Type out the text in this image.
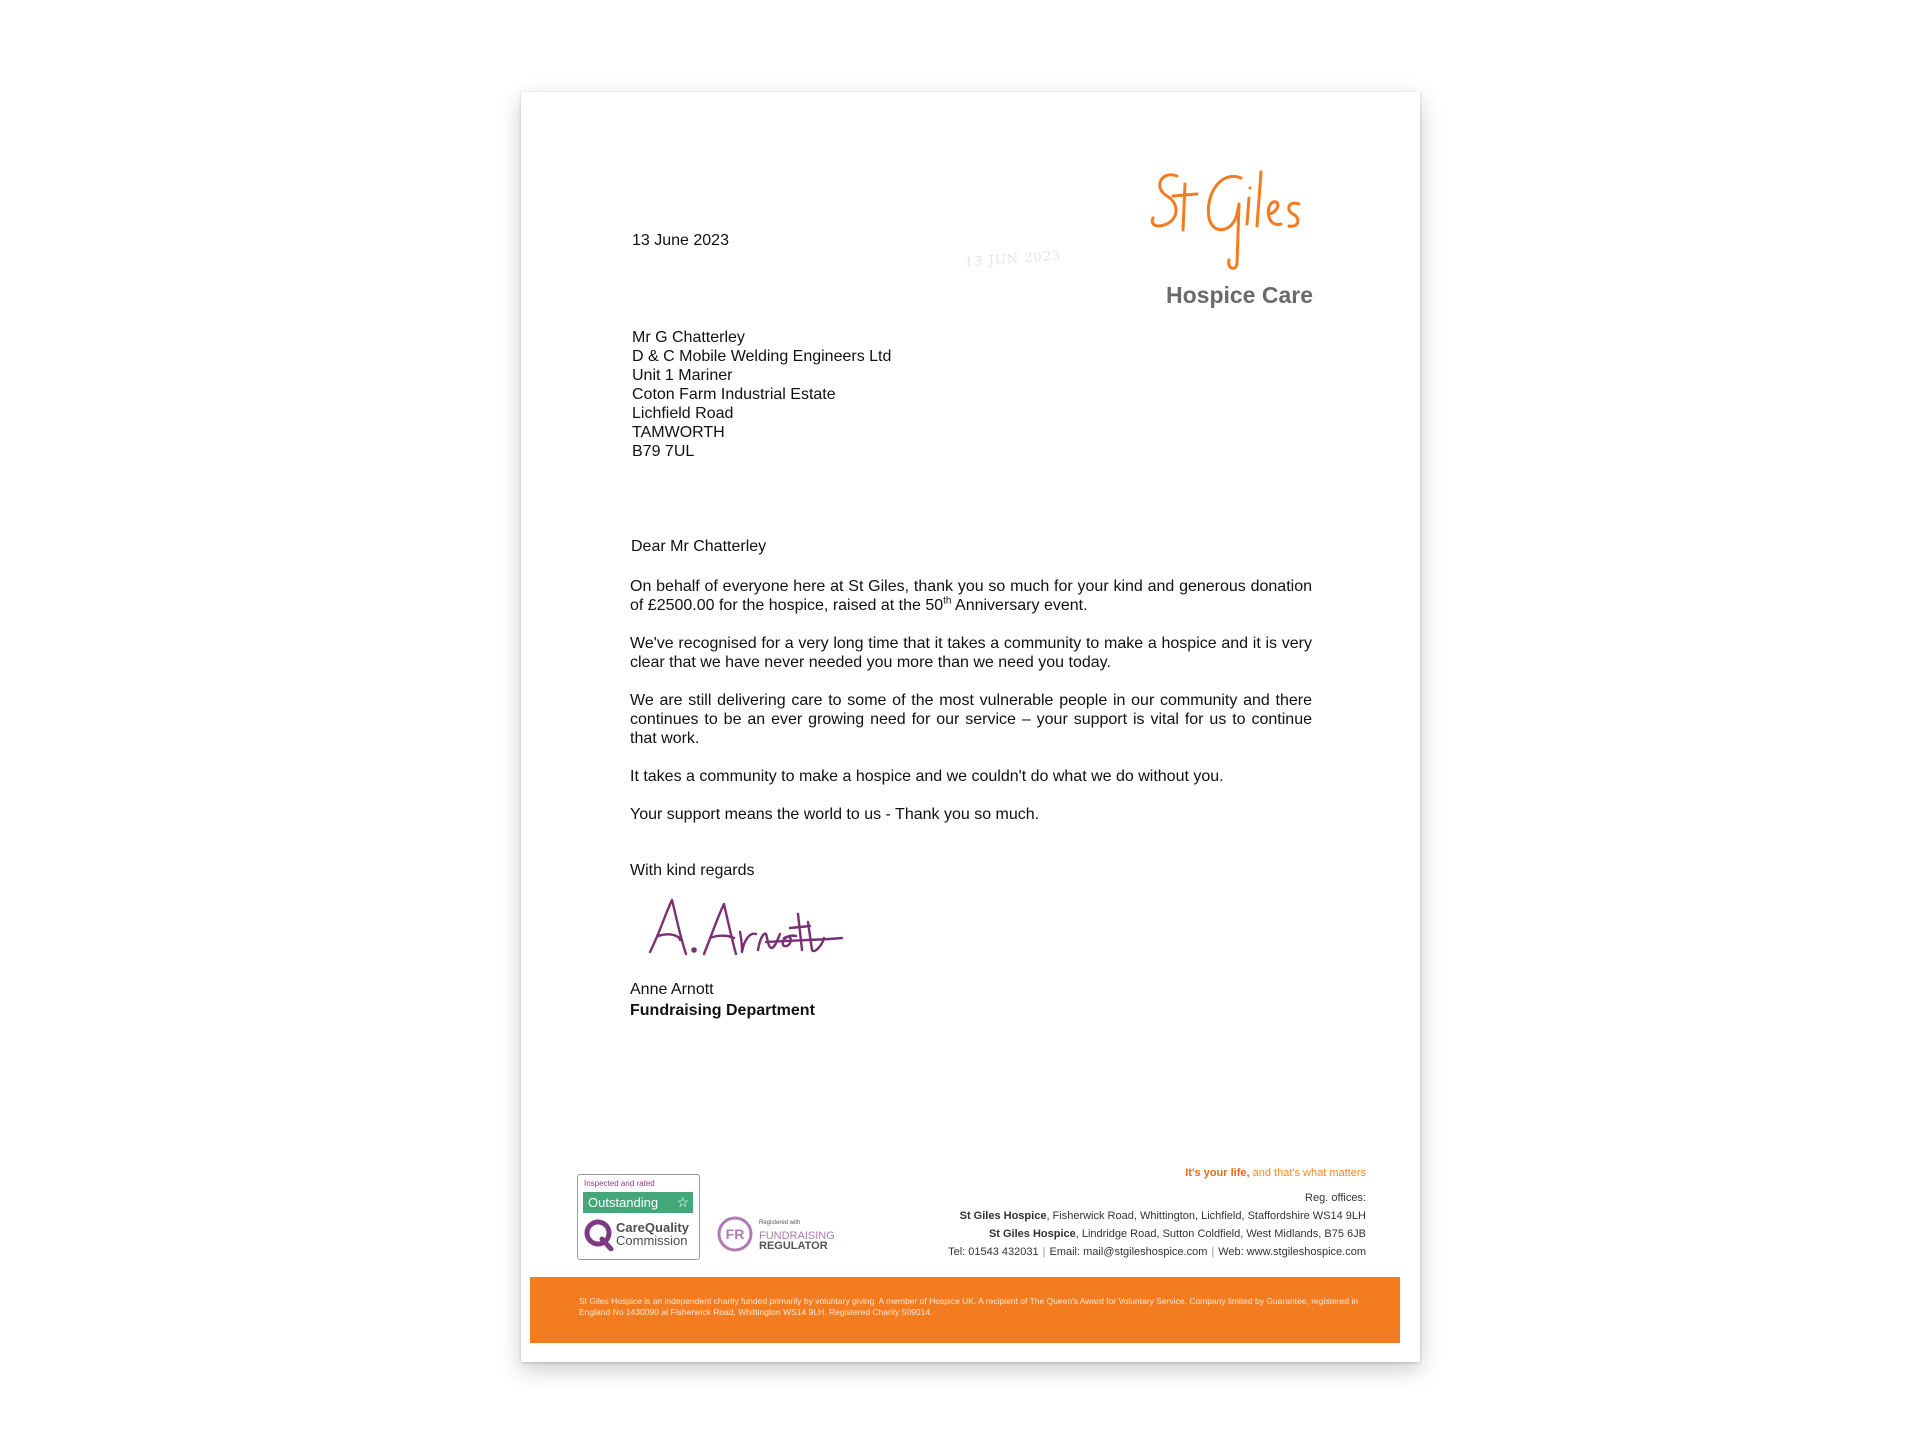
13 June 2023
13 JUN 2023
Hospice Care
Mr G Chatterley
D & C Mobile Welding Engineers Ltd
Unit 1 Mariner
Coton Farm Industrial Estate
Lichfield Road
TAMWORTH
B79 7UL
Dear Mr Chatterley

On behalf of everyone here at St Giles, thank you so much for your kind and generous donation of £2500.00 for the hospice, raised at the 50th Anniversary event.

We've recognised for a very long time that it takes a community to make a hospice and it is very clear that we have never needed you more than we need you today.

We are still delivering care to some of the most vulnerable people in our community and there continues to be an ever growing need for our service – your support is vital for us to continue that work.

It takes a community to make a hospice and we couldn't do what we do without you.

Your support means the world to us - Thank you so much.

With kind regards
Anne Arnott
Fundraising Department
Inspected and rated
Outstanding ☆
CareQuality
Commission	FR
Registered with
FUNDRAISING
REGULATOR
It's your life, and that's what matters
Reg. offices:
St Giles Hospice, Fisherwick Road, Whittington, Lichfield, Staffordshire WS14 9LH
St Giles Hospice, Lindridge Road, Sutton Coldfield, West Midlands, B75 6JB
Tel: 01543 432031 | Email: mail@stgileshospice.com | Web: www.stgileshospice.com

St Giles Hospice is an independent charity funded primarily by voluntary giving. A member of Hospice UK. A recipient of The Queen's Award for Voluntary Service. Company limited by Guarantee, registered in England No 1430090 at Fisherwick Road, Whittington WS14 9LH. Registered Charity 509014.
